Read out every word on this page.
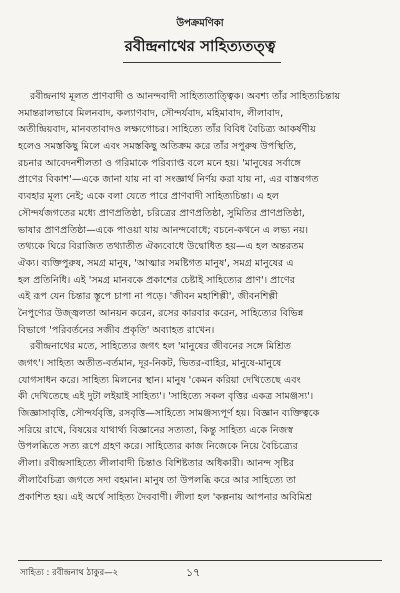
উপক্রমণিকা
রবীন্দ্রনাথের সাহিত্যতত্ত্ব
রবীন্দ্রনাথ মূলত প্রাণবাদী ও আনন্দবাদী সাহিত্যতাত্ত্বিক। অবশ্য তাঁর সাহিত্যচিন্তায়
সমান্তরালভাবে মিলনবাদ, কল্যাণবাদ, সৌন্দর্যবাদ, মহিমাবাদ, লীলাবাদ,
অতীন্দ্রিয়বাদ, মানবতাবাদও লক্ষ্যগোচর। সাহিত্যে তাঁর বিবিধ বৈচিত্র্য আকর্ষণীয়
হলেও সমস্তকিছু মিলে এবং সমস্তকিছু অতিক্রম করে তাঁর সপুরুষ উপস্থিতি,
রচনার আবেদনশীলতা ও গরিমাকে পরিব্যাপ্ত বলে মনে হয়। 'মানুষের সর্বাঙ্গে
প্রাণের বিকাশ'—একে জানা যায় না বা সংজ্ঞার্থ নির্ণয় করা যায় না, এর বাস্তবগত
ব্যবহার মূল্য নেই; একে বলা যেতে পারে প্রাণবাদী সাহিত্যচিন্তা। এ হল
সৌন্দর্যজগতের মধ্যে প্রাণপ্রতিষ্ঠা, চরিত্রের প্রাণপ্রতিষ্ঠা, সুমিতির প্রাণপ্রতিষ্ঠা,
ভাষার প্রাণপ্রতিষ্ঠা—একে পাওয়া যায় আনন্দবোধে; বচনে-কথনে এ লভ্য নয়।
তথ্যকে ঘিরে বিরাজিত তথ্যাতীত ঐক্যবোধে উদ্বোধিত হয়—এ হল অন্তরতম
ঐক্য। ব্যক্তিপুরুষ, সমগ্র মানুষ, 'আত্মার সমষ্টিগত মানুষ', সমগ্র মানুষের এ
হল প্রতিনিধি। এই 'সমগ্র মানবকে প্রকাশের চেষ্টাই সাহিত্যের প্রাণ'। প্রাণের
এই রূপ যেন চিন্তার স্তূপে চাপা না পড়ে। 'জীবন মহাশিল্পী', জীবনশিল্পী
নৈপুণ্যের উজ্জ্বলতা আনয়ন করেন, রসের কারবার করেন, সাহিত্যের বিভিন্ন
বিভাগে 'পরিবর্তনের সজীব প্রকৃতি' অব্যাহত রাখেন।
রবীন্দ্রনাথের মতে, সাহিত্যের জগৎ হল 'মানুষের জীবনের সঙ্গে মিশ্রিত
জগৎ'। সাহিত্য অতীত-বর্তমান, দূর-নিকট, ভিতর-বাহির, মানুষে-মানুষে
যোগসাধন করে। সাহিত্য মিলনের স্থান। মানুষ 'কেমন করিয়া দেখিতেছে এবং
কী দেখিতেছে এই দুটা লইয়াই সাহিত্য'। 'সাহিত্যে সকল বৃত্তির একত্র সামঞ্জস্য'।
জিজ্ঞাসাবৃত্তি, সৌন্দর্যবৃত্তি, রসবৃত্তি—সাহিত্যে সামঞ্জস্যপূর্ণ হয়। বিজ্ঞান ব্যক্তিত্বকে
সরিয়ে রাখে, বিষয়ের যাথার্থ্য বিজ্ঞানের সত্যতা, কিন্তু সাহিত্য একে নিজস্ব
উপলব্ধিতে সত্য রূপে গ্রহণ করে। সাহিত্যের কাজ নিজেকে নিয়ে বৈচিত্র্যের
লীলা। রবীন্দ্রসাহিত্যে লীলাবাদী চিন্তাও বিশিষ্টতার অধিকারী। আনন্দ সৃষ্টির
লীলাবৈচিত্র্য জগতে সদা বহমান। মানুষ তা উপলব্ধি করে আর সাহিত্যে তা
প্রকাশিত হয়। এই অর্থে সাহিত্য দৈববাণী। লীলা হল 'কল্পনায় আপনার অবিমিশ্র
সাহিত্য : রবীন্দ্রনাথ ঠাকুর—২	১৭
